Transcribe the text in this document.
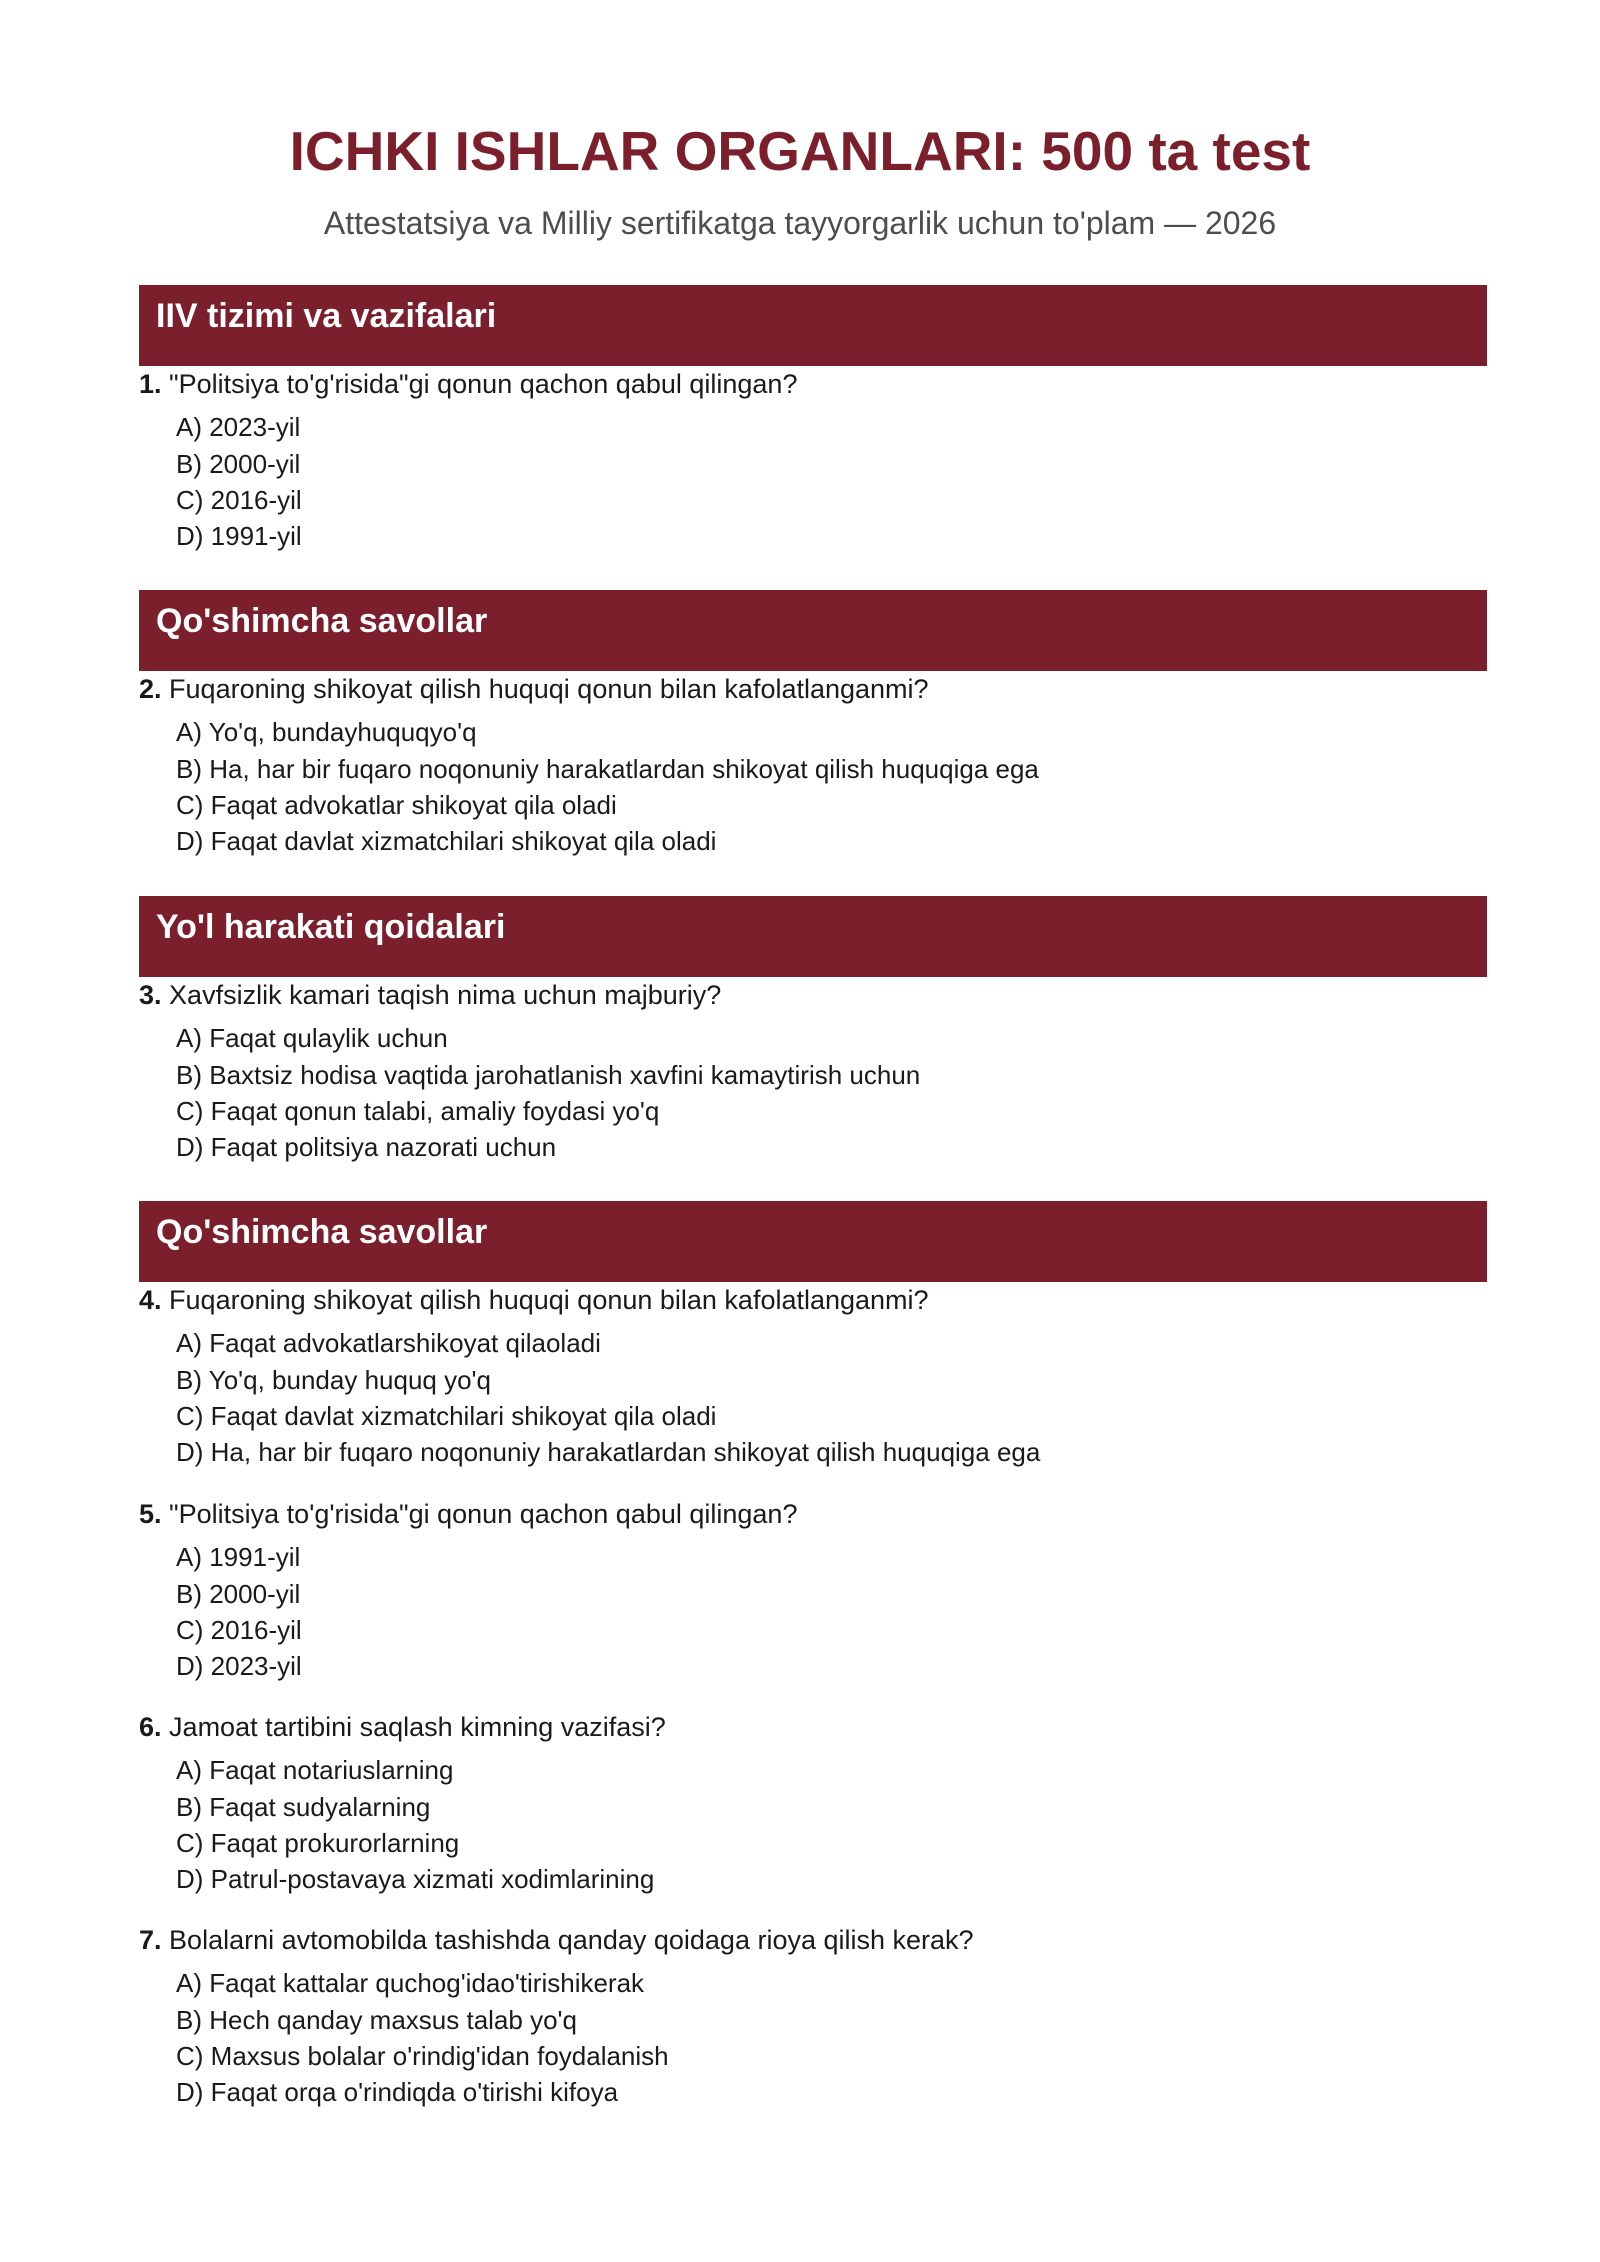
ICHKI ISHLAR ORGANLARI: 500 ta test
Attestatsiya va Milliy sertifikatga tayyorgarlik uchun to'plam — 2026
IIV tizimi va vazifalari
1. "Politsiya to'g'risida"gi qonun qachon qabul qilingan?
A) 2023-yil
B) 2000-yil
C) 2016-yil
D) 1991-yil
Qo'shimcha savollar
2. Fuqaroning shikoyat qilish huquqi qonun bilan kafolatlanganmi?
A) Yo'q, bundayhuquqyo'q
B) Ha, har bir fuqaro noqonuniy harakatlardan shikoyat qilish huquqiga ega
C) Faqat advokatlar shikoyat qila oladi
D) Faqat davlat xizmatchilari shikoyat qila oladi
Yo'l harakati qoidalari
3. Xavfsizlik kamari taqish nima uchun majburiy?
A) Faqat qulaylik uchun
B) Baxtsiz hodisa vaqtida jarohatlanish xavfini kamaytirish uchun
C) Faqat qonun talabi, amaliy foydasi yo'q
D) Faqat politsiya nazorati uchun
Qo'shimcha savollar
4. Fuqaroning shikoyat qilish huquqi qonun bilan kafolatlanganmi?
A) Faqat advokatlarshikoyat qilaoladi
B) Yo'q, bunday huquq yo'q
C) Faqat davlat xizmatchilari shikoyat qila oladi
D) Ha, har bir fuqaro noqonuniy harakatlardan shikoyat qilish huquqiga ega
5. "Politsiya to'g'risida"gi qonun qachon qabul qilingan?
A) 1991-yil
B) 2000-yil
C) 2016-yil
D) 2023-yil
6. Jamoat tartibini saqlash kimning vazifasi?
A) Faqat notariuslarning
B) Faqat sudyalarning
C) Faqat prokurorlarning
D) Patrul-postavaya xizmati xodimlarining
7. Bolalarni avtomobilda tashishda qanday qoidaga rioya qilish kerak?
A) Faqat kattalar quchog'idao'tirishikerak
B) Hech qanday maxsus talab yo'q
C) Maxsus bolalar o'rindig'idan foydalanish
D) Faqat orqa o'rindiqda o'tirishi kifoya
